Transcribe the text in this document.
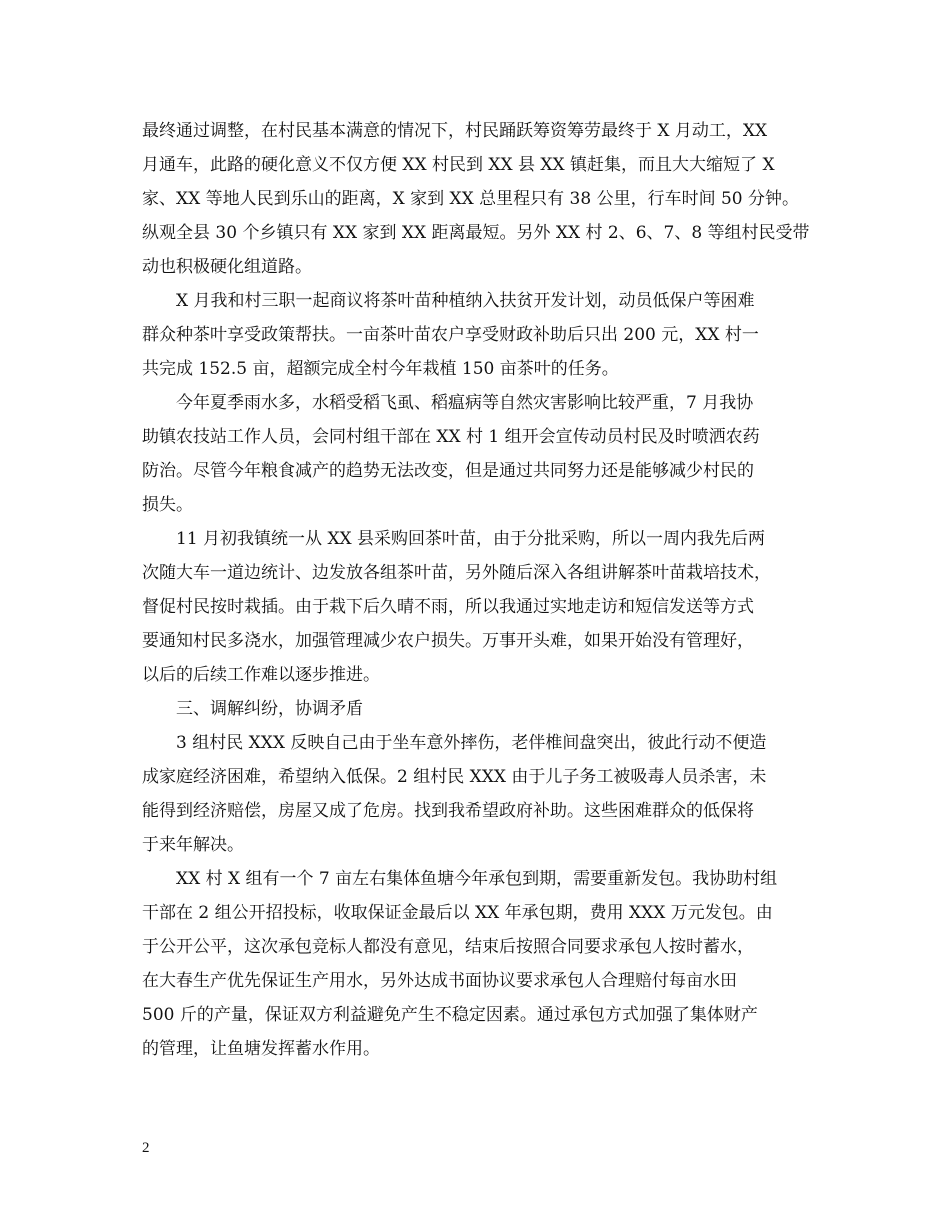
最终通过调整，在村民基本满意的情况下，村民踊跃筹资筹劳最终于 X 月动工，XX
月通车，此路的硬化意义不仅方便 XX 村民到 XX 县 XX 镇赶集，而且大大缩短了 X
家、XX 等地人民到乐山的距离，X 家到 XX 总里程只有 38 公里，行车时间 50 分钟。
纵观全县 30 个乡镇只有 XX 家到 XX 距离最短。另外 XX 村 2、6、7、8 等组村民受带
动也积极硬化组道路。
X 月我和村三职一起商议将茶叶苗种植纳入扶贫开发计划，动员低保户等困难
群众种茶叶享受政策帮扶。一亩茶叶苗农户享受财政补助后只出 200 元，XX 村一
共完成 152.5 亩，超额完成全村今年栽植 150 亩茶叶的任务。
今年夏季雨水多，水稻受稻飞虱、稻瘟病等自然灾害影响比较严重，7 月我协
助镇农技站工作人员，会同村组干部在 XX 村 1 组开会宣传动员村民及时喷洒农药
防治。尽管今年粮食减产的趋势无法改变，但是通过共同努力还是能够减少村民的
损失。
11 月初我镇统一从 XX 县采购回茶叶苗，由于分批采购，所以一周内我先后两
次随大车一道边统计、边发放各组茶叶苗，另外随后深入各组讲解茶叶苗栽培技术，
督促村民按时栽插。由于栽下后久晴不雨，所以我通过实地走访和短信发送等方式
要通知村民多浇水，加强管理减少农户损失。万事开头难，如果开始没有管理好，
以后的后续工作难以逐步推进。
三、调解纠纷，协调矛盾
3 组村民 XXX 反映自己由于坐车意外摔伤，老伴椎间盘突出，彼此行动不便造
成家庭经济困难，希望纳入低保。2 组村民 XXX 由于儿子务工被吸毒人员杀害，未
能得到经济赔偿，房屋又成了危房。找到我希望政府补助。这些困难群众的低保将
于来年解决。
XX 村 X 组有一个 7 亩左右集体鱼塘今年承包到期，需要重新发包。我协助村组
干部在 2 组公开招投标，收取保证金最后以 XX 年承包期，费用 XXX 万元发包。由
于公开公平，这次承包竞标人都没有意见，结束后按照合同要求承包人按时蓄水，
在大春生产优先保证生产用水，另外达成书面协议要求承包人合理赔付每亩水田
500 斤的产量，保证双方利益避免产生不稳定因素。通过承包方式加强了集体财产
的管理，让鱼塘发挥蓄水作用。
2
